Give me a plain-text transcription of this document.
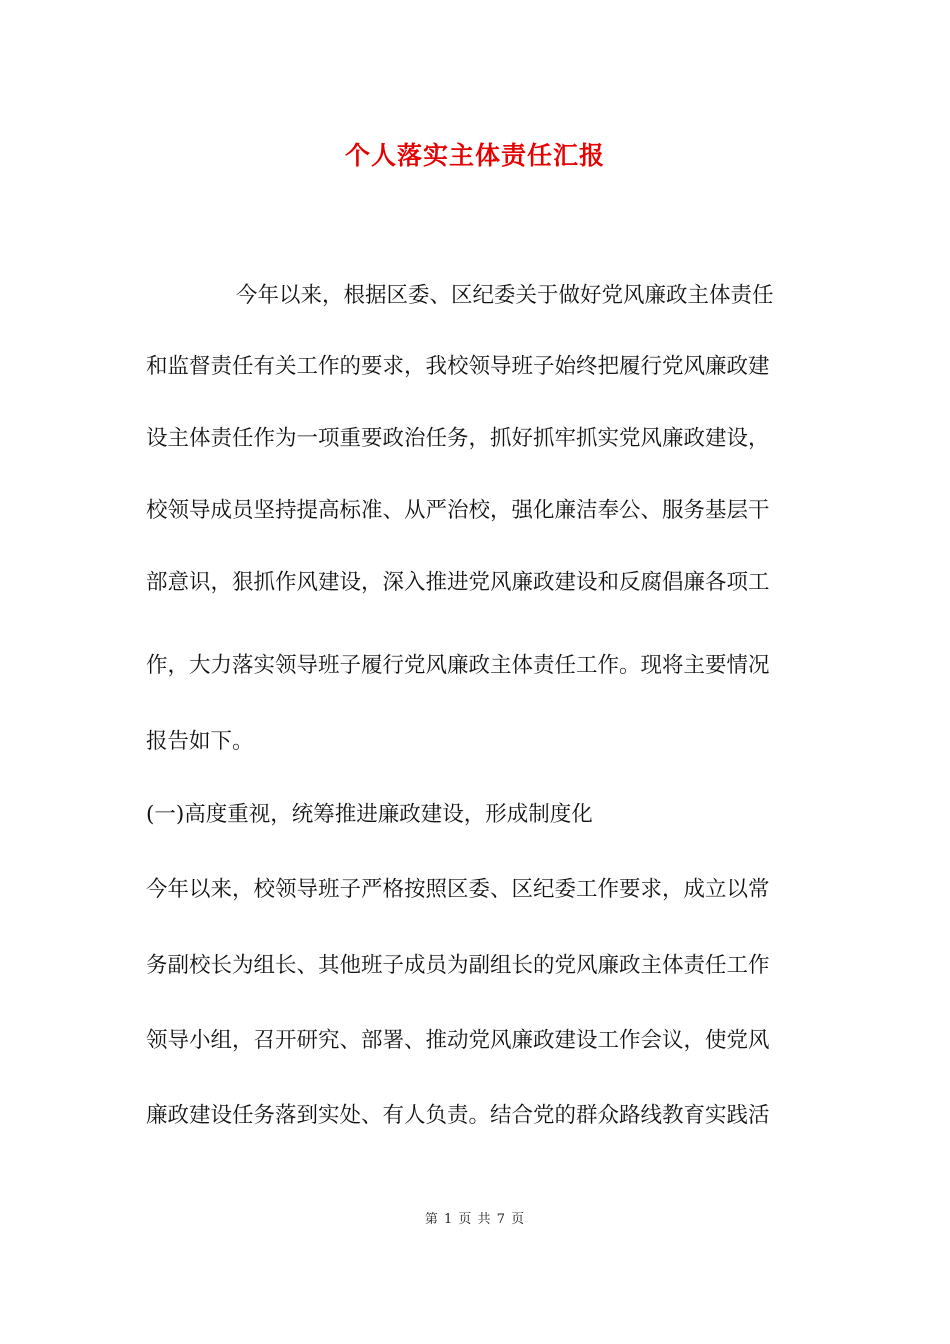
个人落实主体责任汇报
今年以来，根据区委、区纪委关于做好党风廉政主体责任
和监督责任有关工作的要求，我校领导班子始终把履行党风廉政建
设主体责任作为一项重要政治任务，抓好抓牢抓实党风廉政建设，
校领导成员坚持提高标准、从严治校，强化廉洁奉公、服务基层干
部意识，狠抓作风建设，深入推进党风廉政建设和反腐倡廉各项工
作，大力落实领导班子履行党风廉政主体责任工作。现将主要情况
报告如下。
(一)高度重视，统筹推进廉政建设，形成制度化
今年以来，校领导班子严格按照区委、区纪委工作要求，成立以常
务副校长为组长、其他班子成员为副组长的党风廉政主体责任工作
领导小组，召开研究、部署、推动党风廉政建设工作会议，使党风
廉政建设任务落到实处、有人负责。结合党的群众路线教育实践活
第 1 页 共 7 页
